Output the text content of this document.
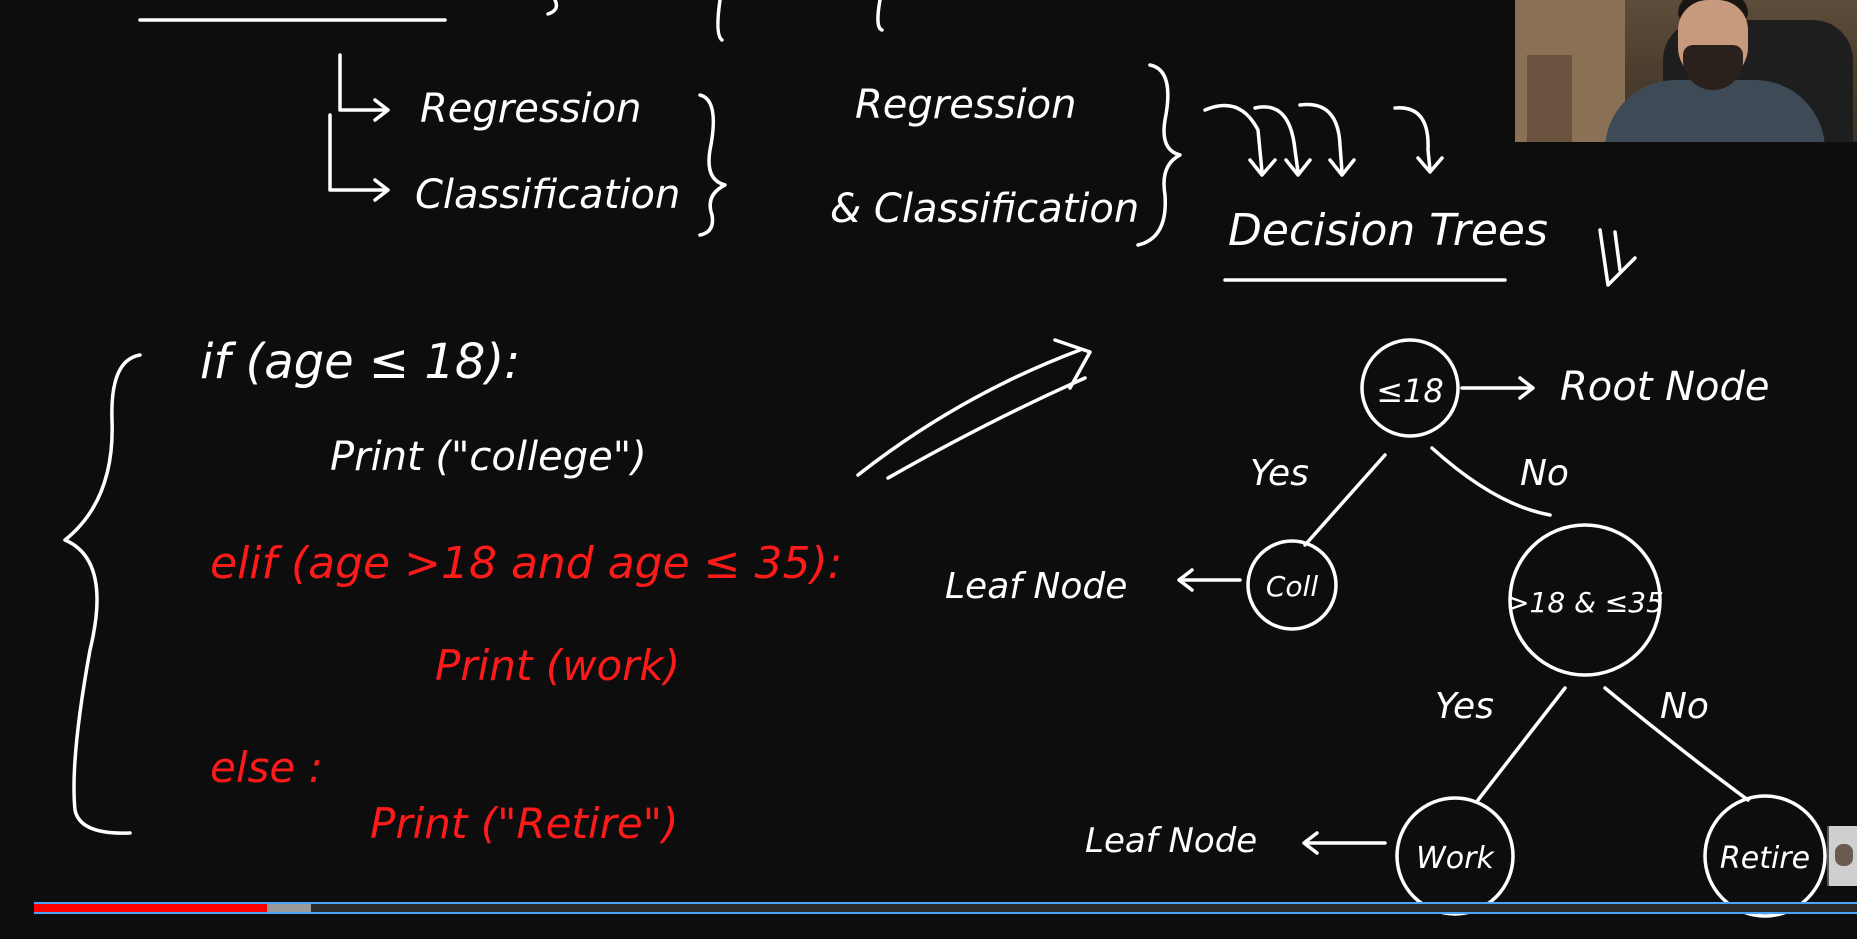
Regression
Classification
Regression
& Classification Decision Trees
if (age ≤ 18):
Print ("college")
elif (age >18 and age ≤ 35):
Print (work)
else :
Print ("Retire")
≤18	Root Node
Yes	No
Coll
Leaf Node	>18 & ≤35
Yes	No
Work	Retire
Leaf Node
